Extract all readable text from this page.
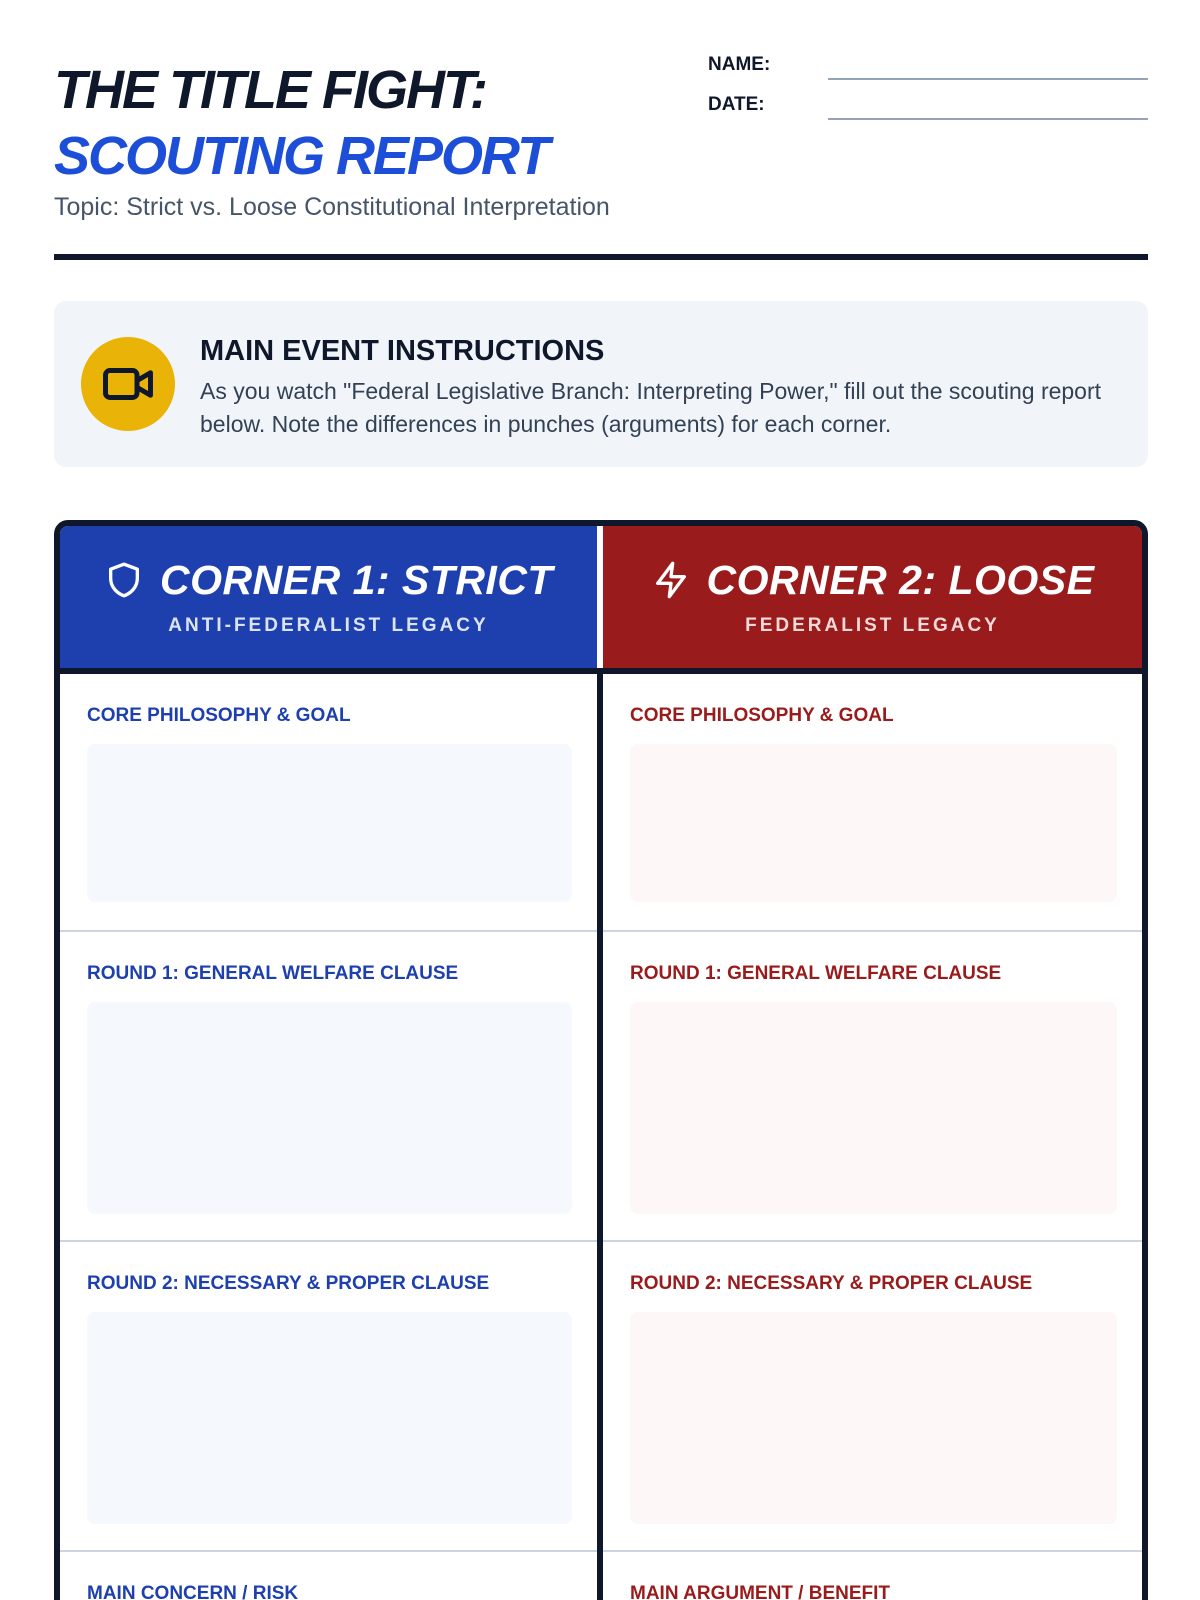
THE TITLE FIGHT:
SCOUTING REPORT
Topic: Strict vs. Loose Constitutional Interpretation
NAME:
DATE:
MAIN EVENT INSTRUCTIONS
As you watch "Federal Legislative Branch: Interpreting Power," fill out the scouting report below. Note the differences in punches (arguments) for each corner.
CORNER 1: STRICT
ANTI-FEDERALIST LEGACY
CORNER 2: LOOSE
FEDERALIST LEGACY
CORE PHILOSOPHY & GOAL	CORE PHILOSOPHY & GOAL
ROUND 1: GENERAL WELFARE CLAUSE	ROUND 1: GENERAL WELFARE CLAUSE
ROUND 2: NECESSARY & PROPER CLAUSE	ROUND 2: NECESSARY & PROPER CLAUSE
MAIN CONCERN / RISK	MAIN ARGUMENT / BENEFIT
